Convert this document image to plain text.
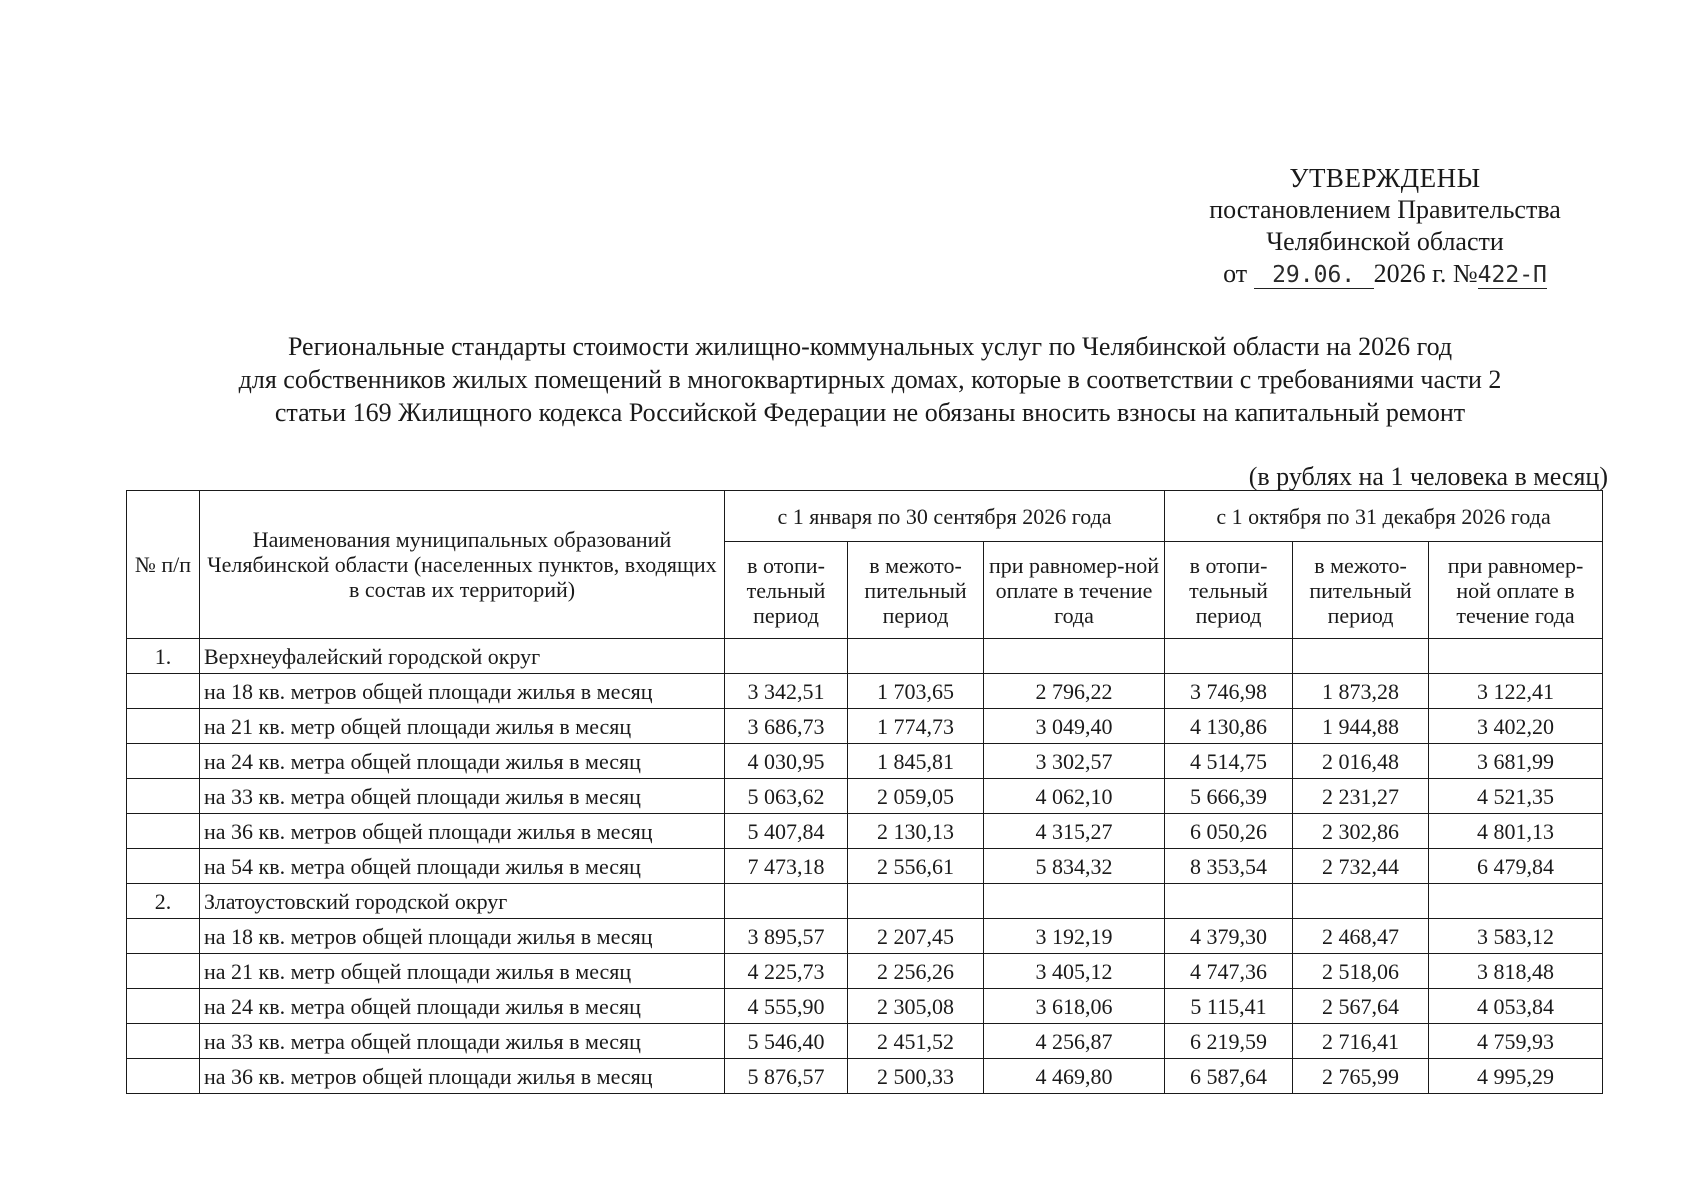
УТВЕРЖДЕНЫ
постановлением Правительства
Челябинской области
от 29.06. 2026 г. №422-П
Региональные стандарты стоимости жилищно-коммунальных услуг по Челябинской области на 2026 год
для собственников жилых помещений в многоквартирных домах, которые в соответствии с требованиями части 2
статьи 169 Жилищного кодекса Российской Федерации не обязаны вносить взносы на капитальный ремонт
(в рублях на 1 человека в месяц)
№ п/п	Наименования муниципальных образований Челябинской области (населенных пунктов, входящих в состав их территорий)	с 1 января по 30 сентября 2026 года			с 1 октября по 31 декабря 2026 года		
		в отопи-тельный период	в межото-пительный период	при равномер-ной оплате в течение года	в отопи-тельный период	в межото-пительный период	при равномер-ной оплате в течение года
1.	Верхнеуфалейский городской округ						
	на 18 кв. метров общей площади жилья в месяц	3 342,51	1 703,65	2 796,22	3 746,98	1 873,28	3 122,41
	на 21 кв. метр общей площади жилья в месяц	3 686,73	1 774,73	3 049,40	4 130,86	1 944,88	3 402,20
	на 24 кв. метра общей площади жилья в месяц	4 030,95	1 845,81	3 302,57	4 514,75	2 016,48	3 681,99
	на 33 кв. метра общей площади жилья в месяц	5 063,62	2 059,05	4 062,10	5 666,39	2 231,27	4 521,35
	на 36 кв. метров общей площади жилья в месяц	5 407,84	2 130,13	4 315,27	6 050,26	2 302,86	4 801,13
	на 54 кв. метра общей площади жилья в месяц	7 473,18	2 556,61	5 834,32	8 353,54	2 732,44	6 479,84
2.	Златоустовский городской округ						
	на 18 кв. метров общей площади жилья в месяц	3 895,57	2 207,45	3 192,19	4 379,30	2 468,47	3 583,12
	на 21 кв. метр общей площади жилья в месяц	4 225,73	2 256,26	3 405,12	4 747,36	2 518,06	3 818,48
	на 24 кв. метра общей площади жилья в месяц	4 555,90	2 305,08	3 618,06	5 115,41	2 567,64	4 053,84
	на 33 кв. метра общей площади жилья в месяц	5 546,40	2 451,52	4 256,87	6 219,59	2 716,41	4 759,93
	на 36 кв. метров общей площади жилья в месяц	5 876,57	2 500,33	4 469,80	6 587,64	2 765,99	4 995,29
